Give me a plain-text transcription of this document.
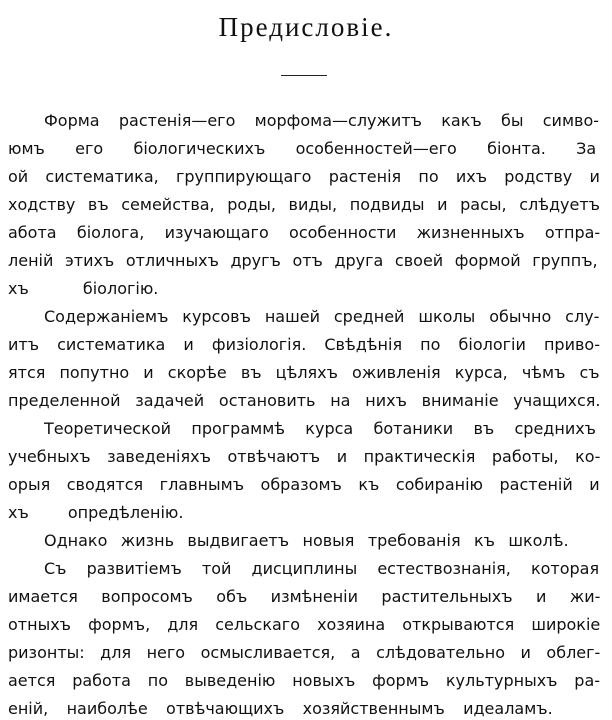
Предисловіе.
Форма растенія—его морфома—служитъ какъ бы симво-
юмъ его біологическихъ особенностей—его біонта. За
ой систематика, группирующаго растенія по ихъ родству и
ходству въ семейства, роды, виды, подвиды и расы, слѣдуетъ
абота біолога, изучающаго особенности жизненныхъ отпра-
леній этихъ отличныхъ другъ отъ друга своей формой группъ,
хъ біологію.
Содержаніемъ курсовъ нашей средней школы обычно слу-
итъ систематика и физіологія. Свѣдѣнія по біологіи приво-
ятся попутно и скорѣе въ цѣляхъ оживленія курса, чѣмъ съ
пределенной задачей остановить на нихъ вниманіе учащихся.
Теоретической программѣ курса ботаники въ среднихъ
учебныхъ заведеніяхъ отвѣчаютъ и практическія работы, ко-
орыя сводятся главнымъ образомъ къ собиранію растеній и
хъ опредѣленію.
Однако жизнь выдвигаетъ новыя требованія къ школѣ.
Съ развитіемъ той дисциплины естествознанія, которая
имается вопросомъ объ измѣненіи растительныхъ и жи-
отныхъ формъ, для сельскаго хозяина открываются широкіе
ризонты: для него осмысливается, а слѣдовательно и облег-
ается работа по выведенію новыхъ формъ культурныхъ ра-
еній, наиболѣе отвѣчающихъ хозяйственнымъ идеаламъ.
